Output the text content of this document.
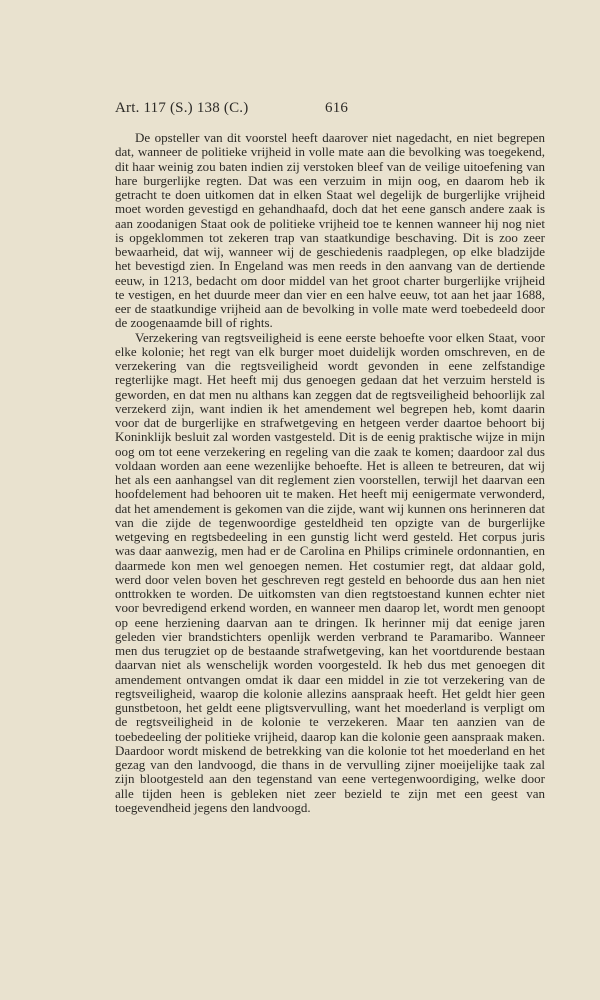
Art. 117 (S.) 138 (C.)	616

De opsteller van dit voorstel heeft daarover niet nagedacht, en niet begrepen dat, wanneer de politieke vrijheid in volle mate aan die bevolking was toegekend, dit haar weinig zou baten indien zij verstoken bleef van de veilige uitoefening van hare burgerlijke regten. Dat was een verzuim in mijn oog, en daarom heb ik getracht te doen uitkomen dat in elken Staat wel degelijk de burgerlijke vrijheid moet worden gevestigd en gehandhaafd, doch dat het eene gansch andere zaak is aan zoodanigen Staat ook de politieke vrijheid toe te kennen wanneer hij nog niet is opgeklommen tot zekeren trap van staatkundige beschaving. Dit is zoo zeer bewaarheid, dat wij, wanneer wij de geschiedenis raadplegen, op elke bladzijde het bevestigd zien. In Engeland was men reeds in den aanvang van de dertiende eeuw, in 1213, bedacht om door middel van het groot charter burgerlijke vrijheid te vestigen, en het duurde meer dan vier en een halve eeuw, tot aan het jaar 1688, eer de staatkundige vrijheid aan de bevolking in volle mate werd toebedeeld door de zoogenaamde bill of rights.

Verzekering van regtsveiligheid is eene eerste behoefte voor elken Staat, voor elke kolonie; het regt van elk burger moet duidelijk worden omschreven, en de verzekering van die regtsveiligheid wordt gevonden in eene zelfstandige regterlijke magt. Het heeft mij dus genoegen gedaan dat het verzuim hersteld is geworden, en dat men nu althans kan zeggen dat de regtsveiligheid behoorlijk zal verzekerd zijn, want indien ik het amendement wel begrepen heb, komt daarin voor dat de burgerlijke en strafwetgeving en hetgeen verder daartoe behoort bij Koninklijk besluit zal worden vastgesteld. Dit is de eenig praktische wijze in mijn oog om tot eene verzekering en regeling van die zaak te komen; daardoor zal dus voldaan worden aan eene wezenlijke behoefte. Het is alleen te betreuren, dat wij het als een aanhangsel van dit reglement zien voorstellen, terwijl het daarvan een hoofdelement had behooren uit te maken. Het heeft mij eenigermate verwonderd, dat het amendement is gekomen van die zijde, want wij kunnen ons herinneren dat van die zijde de tegenwoordige gesteldheid ten opzigte van de burgerlijke wetgeving en regtsbedeeling in een gunstig licht werd gesteld. Het corpus juris was daar aanwezig, men had er de Carolina en Philips criminele ordonnantien, en daarmede kon men wel genoegen nemen. Het costumier regt, dat aldaar gold, werd door velen boven het geschreven regt gesteld en behoorde dus aan hen niet onttrokken te worden. De uitkomsten van dien regtstoestand kunnen echter niet voor bevredigend erkend worden, en wanneer men daarop let, wordt men genoopt op eene herziening daarvan aan te dringen. Ik herinner mij dat eenige jaren geleden vier brandstichters openlijk werden verbrand te Paramaribo. Wanneer men dus terugziet op de bestaande strafwetgeving, kan het voortdurende bestaan daarvan niet als wenschelijk worden voorgesteld. Ik heb dus met genoegen dit amendement ontvangen omdat ik daar een middel in zie tot verzekering van de regtsveiligheid, waarop die kolonie allezins aanspraak heeft. Het geldt hier geen gunstbetoon, het geldt eene pligtsvervulling, want het moederland is verpligt om de regtsveiligheid in de kolonie te verzekeren. Maar ten aanzien van de toebedeeling der politieke vrijheid, daarop kan die kolonie geen aanspraak maken. Daardoor wordt miskend de betrekking van die kolonie tot het moederland en het gezag van den landvoogd, die thans in de vervulling zijner moeijelijke taak zal zijn blootgesteld aan den tegenstand van eene vertegenwoordiging, welke door alle tijden heen is gebleken niet zeer bezield te zijn met een geest van toegevendheid jegens den landvoogd.
